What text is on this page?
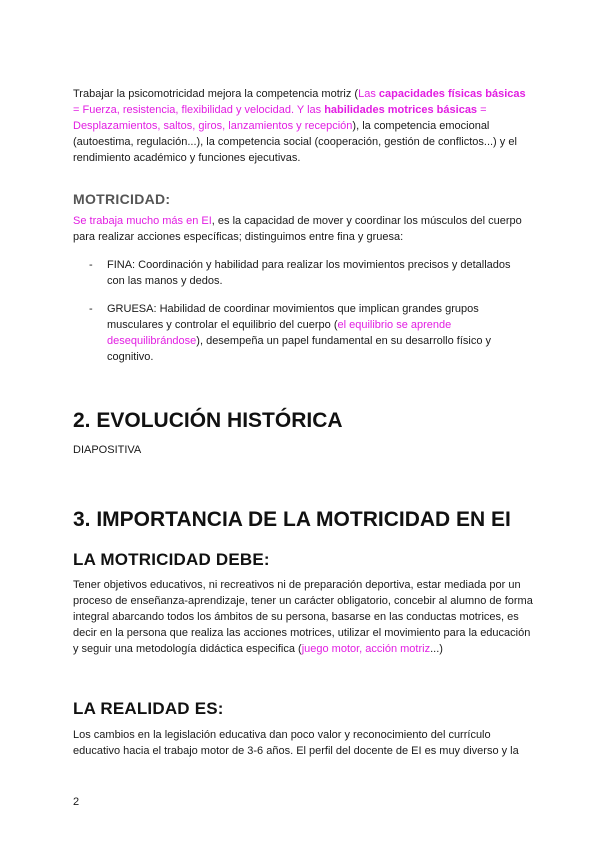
Trabajar la psicomotricidad mejora la competencia motriz (Las capacidades físicas básicas = Fuerza, resistencia, flexibilidad y velocidad. Y las habilidades motrices básicas = Desplazamientos, saltos, giros, lanzamientos y recepción), la competencia emocional (autoestima, regulación...), la competencia social (cooperación, gestión de conflictos...) y el rendimiento académico y funciones ejecutivas.

MOTRICIDAD:

Se trabaja mucho más en EI, es la capacidad de mover y coordinar los músculos del cuerpo para realizar acciones específicas; distinguimos entre fina y gruesa:

- FINA: Coordinación y habilidad para realizar los movimientos precisos y detallados con las manos y dedos.
- GRUESA: Habilidad de coordinar movimientos que implican grandes grupos musculares y controlar el equilibrio del cuerpo (el equilibrio se aprende desequilibrándose), desempeña un papel fundamental en su desarrollo físico y cognitivo.
2. EVOLUCIÓN HISTÓRICA

DIAPOSITIVA

3. IMPORTANCIA DE LA MOTRICIDAD EN EI
LA MOTRICIDAD DEBE:

Tener objetivos educativos, ni recreativos ni de preparación deportiva, estar mediada por un proceso de enseñanza-aprendizaje, tener un carácter obligatorio, concebir al alumno de forma integral abarcando todos los ámbitos de su persona, basarse en las conductas motrices, es decir en la persona que realiza las acciones motrices, utilizar el movimiento para la educación y seguir una metodología didáctica especifica (juego motor, acción motriz...)

LA REALIDAD ES:

Los cambios en la legislación educativa dan poco valor y reconocimiento del currículo educativo hacia el trabajo motor de 3-6 años. El perfil del docente de EI es muy diverso y la

2
